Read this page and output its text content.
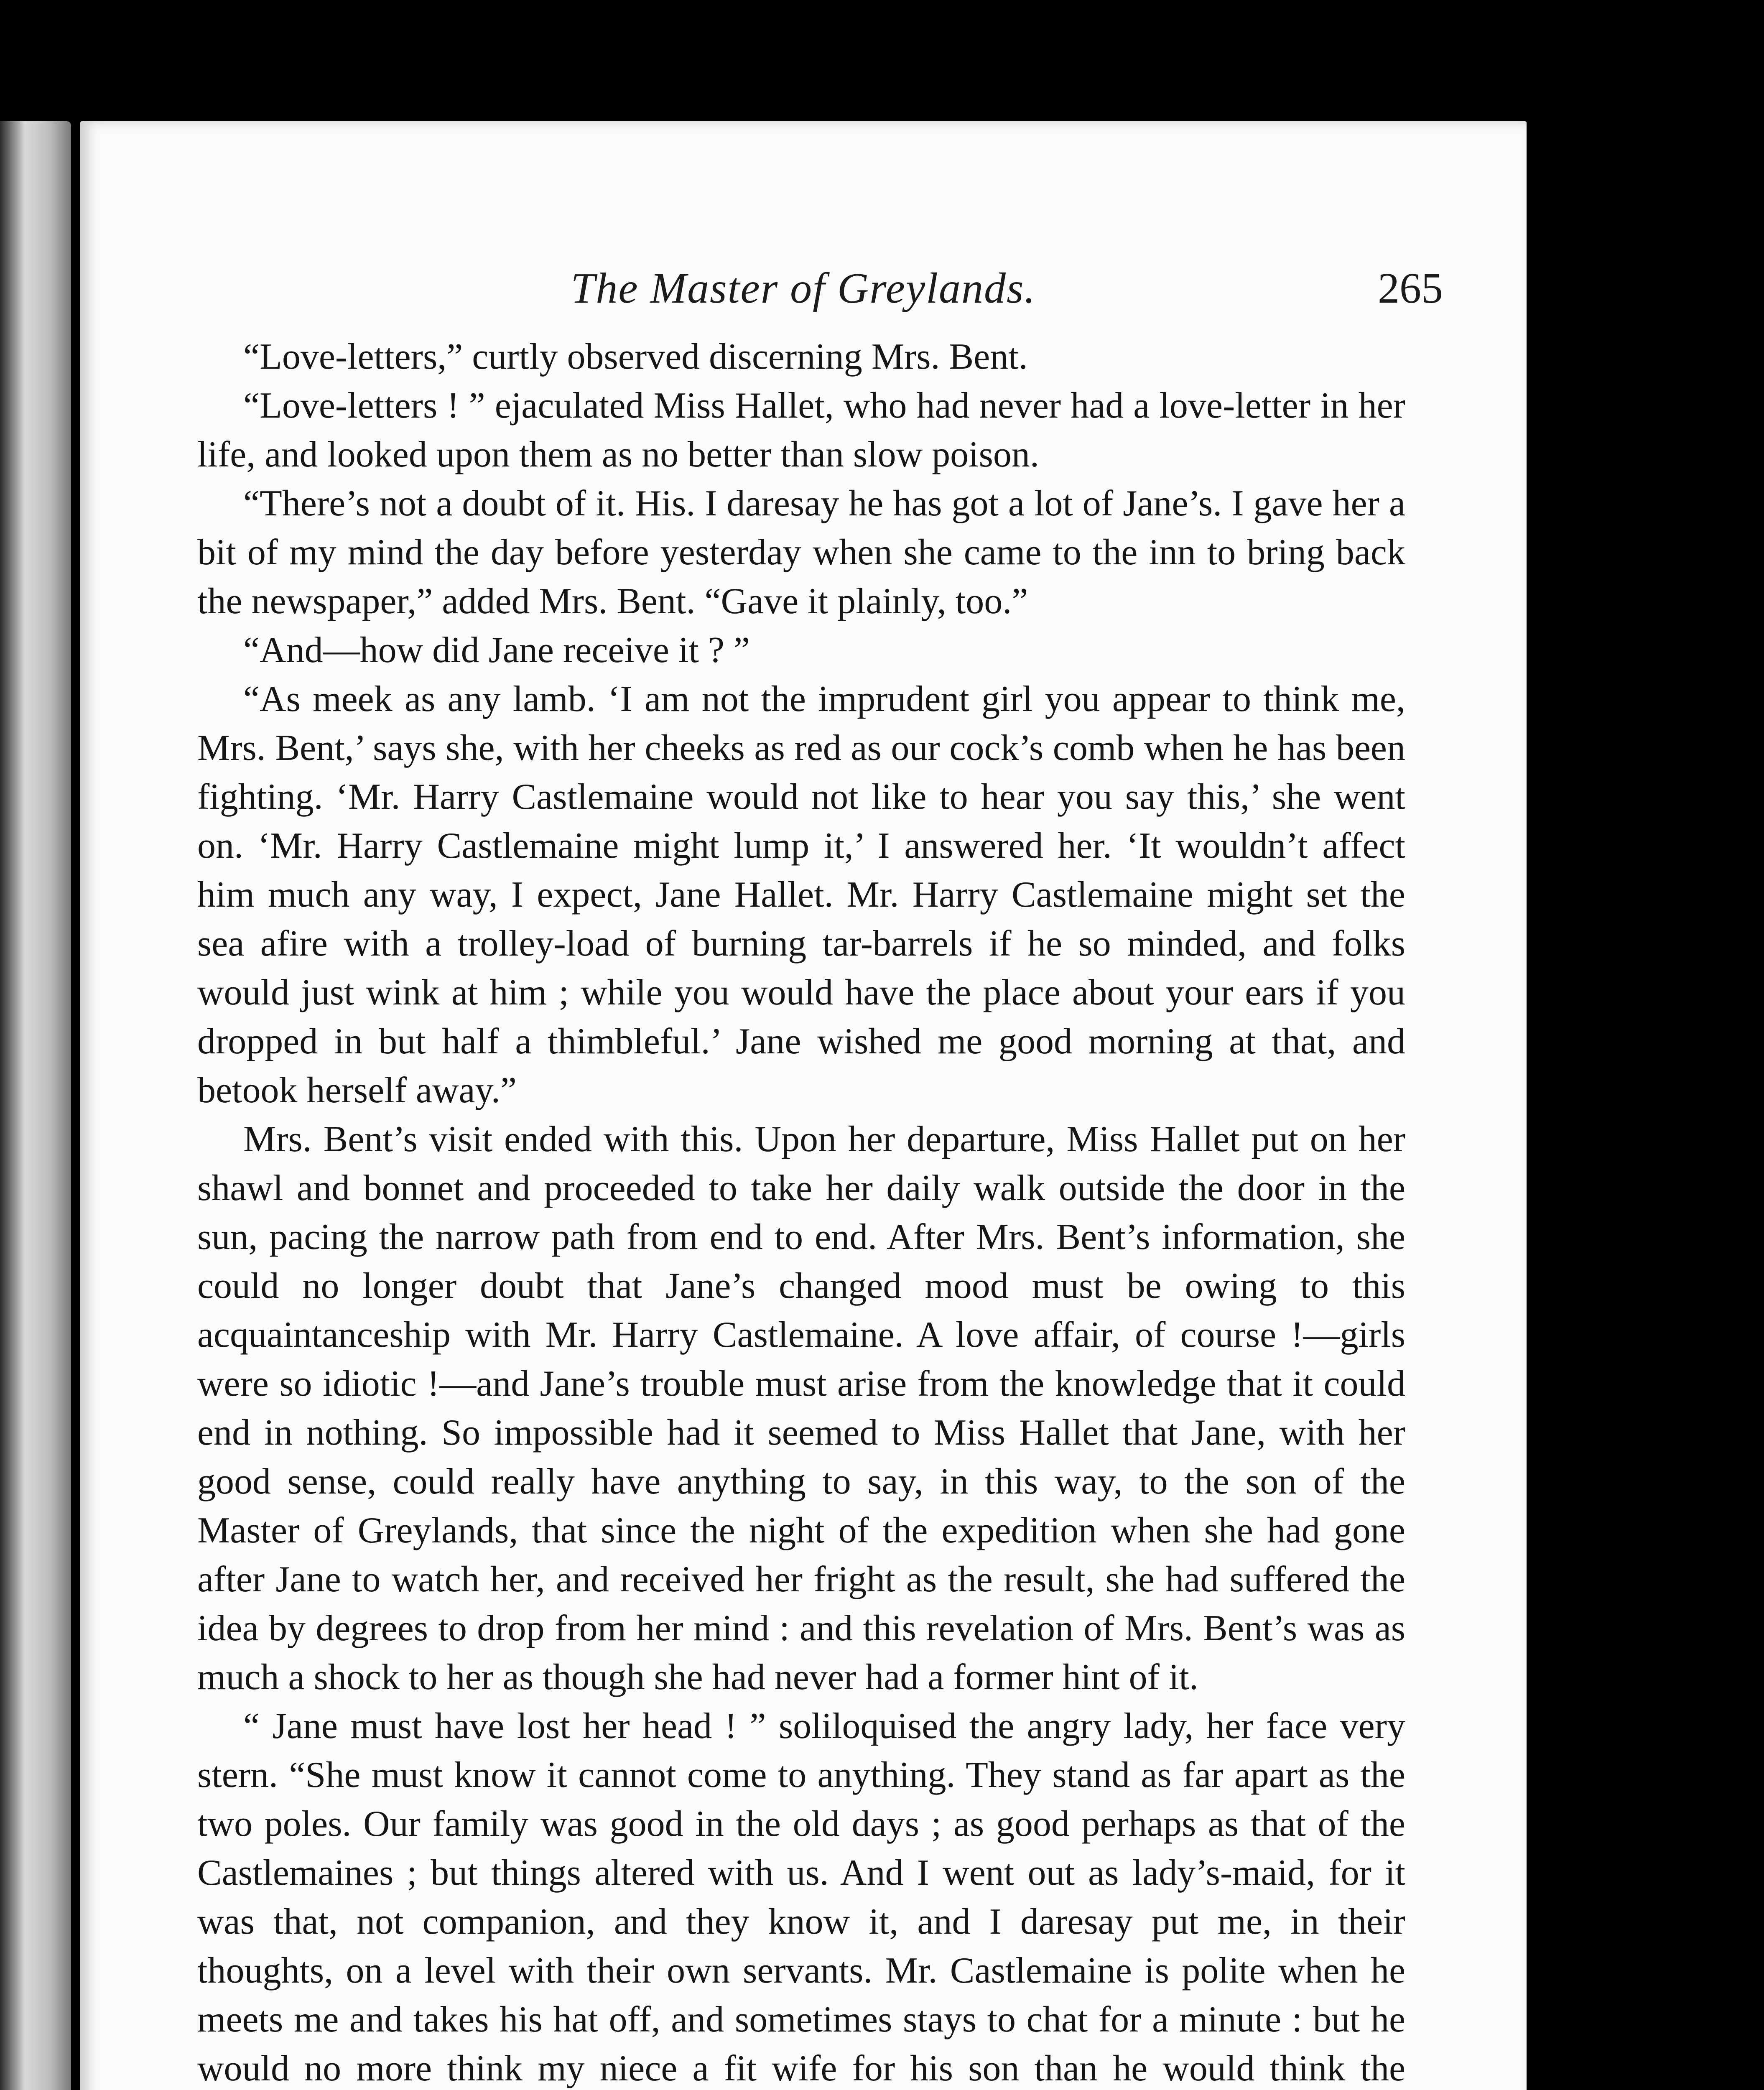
The Master of Greylands.	265

“Love-letters,” curtly observed discerning Mrs. Bent.

“Love-letters ! ” ejaculated Miss Hallet, who had never had a love-letter in her life, and looked upon them as no better than slow poison.

“There’s not a doubt of it. His. I daresay he has got a lot of Jane’s. I gave her a bit of my mind the day before yesterday when she came to the inn to bring back the newspaper,” added Mrs. Bent. “Gave it plainly, too.”

“And—how did Jane receive it ? ”

“As meek as any lamb. ‘I am not the imprudent girl you appear to think me, Mrs. Bent,’ says she, with her cheeks as red as our cock’s comb when he has been fighting. ‘Mr. Harry Castlemaine would not like to hear you say this,’ she went on. ‘Mr. Harry Castlemaine might lump it,’ I answered her. ‘It wouldn’t affect him much any way, I expect, Jane Hallet. Mr. Harry Castlemaine might set the sea afire with a trolley-load of burning tar-barrels if he so minded, and folks would just wink at him ; while you would have the place about your ears if you dropped in but half a thimbleful.’ Jane wished me good morning at that, and betook herself away.”

Mrs. Bent’s visit ended with this. Upon her departure, Miss Hallet put on her shawl and bonnet and proceeded to take her daily walk outside the door in the sun, pacing the narrow path from end to end. After Mrs. Bent’s information, she could no longer doubt that Jane’s changed mood must be owing to this acquaintanceship with Mr. Harry Castlemaine. A love affair, of course !—girls were so idiotic !—and Jane’s trouble must arise from the knowledge that it could end in nothing. So impossible had it seemed to Miss Hallet that Jane, with her good sense, could really have anything to say, in this way, to the son of the Master of Greylands, that since the night of the expedition when she had gone after Jane to watch her, and received her fright as the result, she had suffered the idea by degrees to drop from her mind : and this revelation of Mrs. Bent’s was as much a shock to her as though she had never had a former hint of it.

“ Jane must have lost her head ! ” soliloquised the angry lady, her face very stern. “She must know it cannot come to anything. They stand as far apart as the two poles. Our family was good in the old days ; as good perhaps as that of the Castlemaines ; but things altered with us. And I went out as lady’s-maid, for it was that, not companion, and they know it, and I daresay put me, in their thoughts, on a level with their own servants. Mr. Castlemaine is polite when he meets me and takes his hat off, and sometimes stays to chat for a minute : but he would no more think my niece a fit wife for his son than he would think the
